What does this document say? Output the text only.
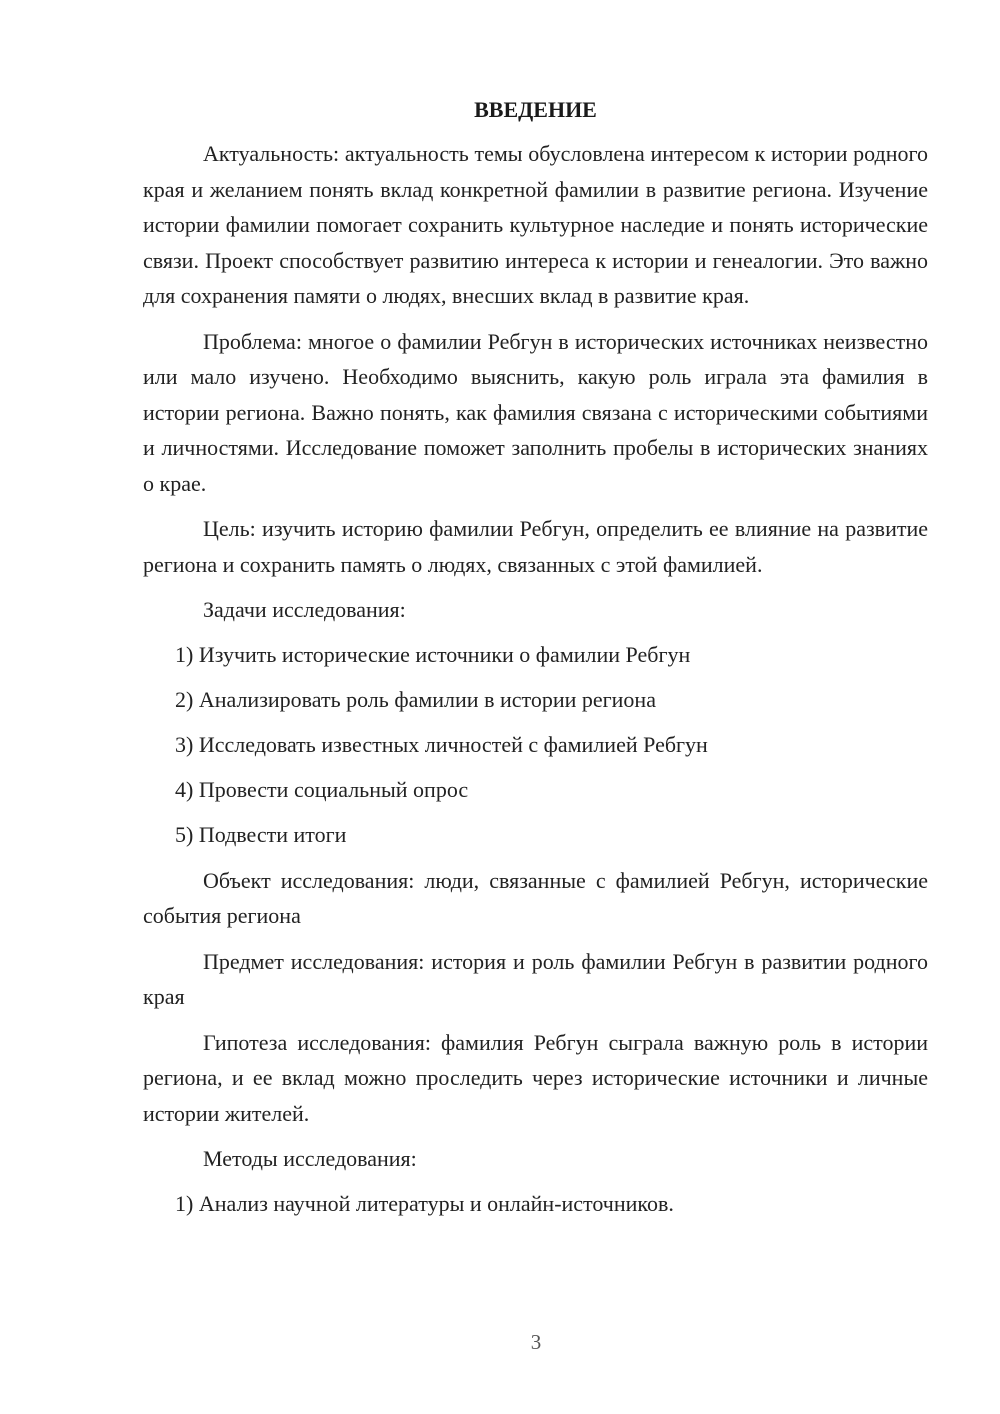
ВВЕДЕНИЕ

Актуальность: актуальность темы обусловлена интересом к истории родного края и желанием понять вклад конкретной фамилии в развитие региона. Изучение истории фамилии помогает сохранить культурное наследие и понять исторические связи. Проект способствует развитию интереса к истории и генеалогии. Это важно для сохранения памяти о людях, внесших вклад в развитие края.

Проблема: многое о фамилии Ребгун в исторических источниках неизвестно или мало изучено. Необходимо выяснить, какую роль играла эта фамилия в истории региона. Важно понять, как фамилия связана с историческими событиями и личностями. Исследование поможет заполнить пробелы в исторических знаниях о крае.

Цель: изучить историю фамилии Ребгун, определить ее влияние на развитие региона и сохранить память о людях, связанных с этой фамилией.

Задачи исследования:

1) Изучить исторические источники о фамилии Ребгун

2) Анализировать роль фамилии в истории региона

3) Исследовать известных личностей с фамилией Ребгун

4) Провести социальный опрос

5) Подвести итоги

Объект исследования: люди, связанные с фамилией Ребгун, исторические события региона

Предмет исследования: история и роль фамилии Ребгун в развитии родного края

Гипотеза исследования: фамилия Ребгун сыграла важную роль в истории региона, и ее вклад можно проследить через исторические источники и личные истории жителей.

Методы исследования:

1) Анализ научной литературы и онлайн-источников.

3
